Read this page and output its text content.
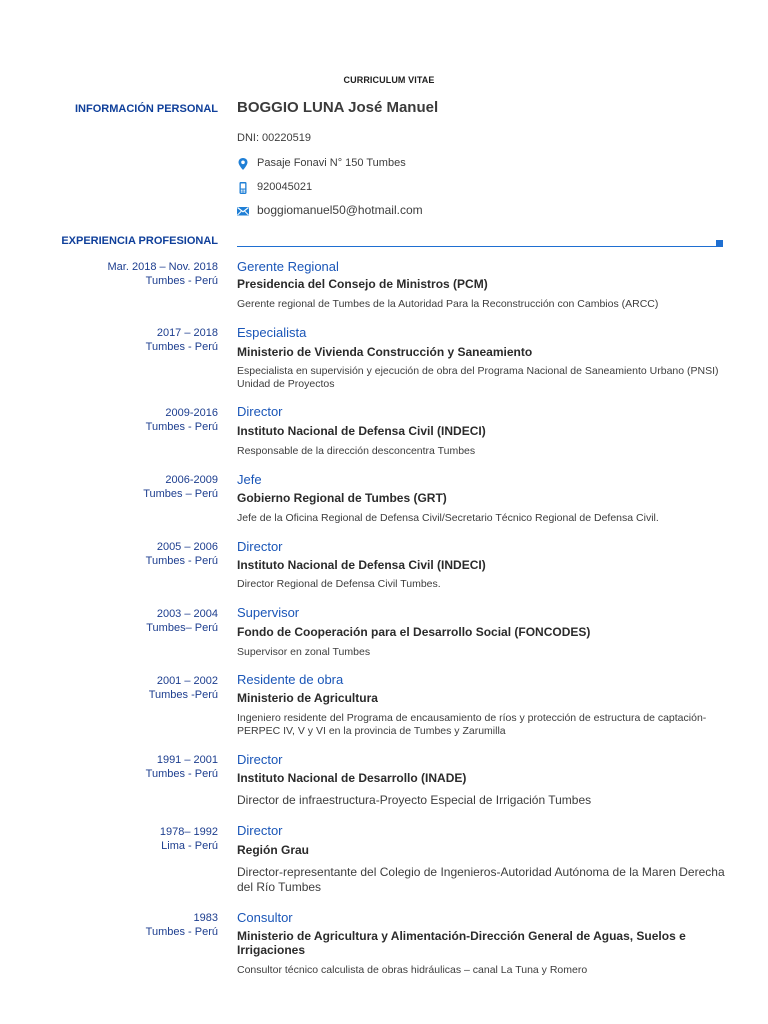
CURRICULUM VITAE
INFORMACIÓN PERSONAL BOGGIO LUNA José Manuel
DNI: 00220519
Pasaje Fonavi N° 150 Tumbes
920045021
boggiomanuel50@hotmail.com
EXPERIENCIA PROFESIONAL
Mar. 2018 – Nov. 2018
Tumbes - Perú
Gerente Regional
Presidencia del Consejo de Ministros (PCM)
Gerente regional de Tumbes de la Autoridad Para la Reconstrucción con Cambios (ARCC)
2017 – 2018
Tumbes - Perú
Especialista
Ministerio de Vivienda Construcción y Saneamiento
Especialista en supervisión y ejecución de obra del Programa Nacional de Saneamiento Urbano (PNSI) Unidad de Proyectos
2009-2016
Tumbes - Perú
Director
Instituto Nacional de Defensa Civil (INDECI)
Responsable de la dirección desconcentra Tumbes
2006-2009
Tumbes – Perú
Jefe
Gobierno Regional de Tumbes (GRT)
Jefe de la Oficina Regional de Defensa Civil/Secretario Técnico Regional de Defensa Civil.
2005 – 2006
Tumbes - Perú
Director
Instituto Nacional de Defensa Civil (INDECI)
Director Regional de Defensa Civil Tumbes.
2003 – 2004
Tumbes– Perú
Supervisor
Fondo de Cooperación para el Desarrollo Social (FONCODES)
Supervisor en zonal Tumbes
2001 – 2002
Tumbes -Perú
Residente de obra
Ministerio de Agricultura
Ingeniero residente del Programa de encausamiento de ríos y protección de estructura de captación-PERPEC IV, V y VI en la provincia de Tumbes y Zarumilla
1991 – 2001
Tumbes - Perú
Director
Instituto Nacional de Desarrollo (INADE)
Director de infraestructura-Proyecto Especial de Irrigación Tumbes
1978– 1992
Lima - Perú
Director
Región Grau
Director-representante del Colegio de Ingenieros-Autoridad Autónoma de la Maren Derecha del Río Tumbes
1983
Tumbes - Perú
Consultor
Ministerio de Agricultura y Alimentación-Dirección General de Aguas, Suelos e Irrigaciones
Consultor técnico calculista de obras hidráulicas – canal La Tuna y Romero
